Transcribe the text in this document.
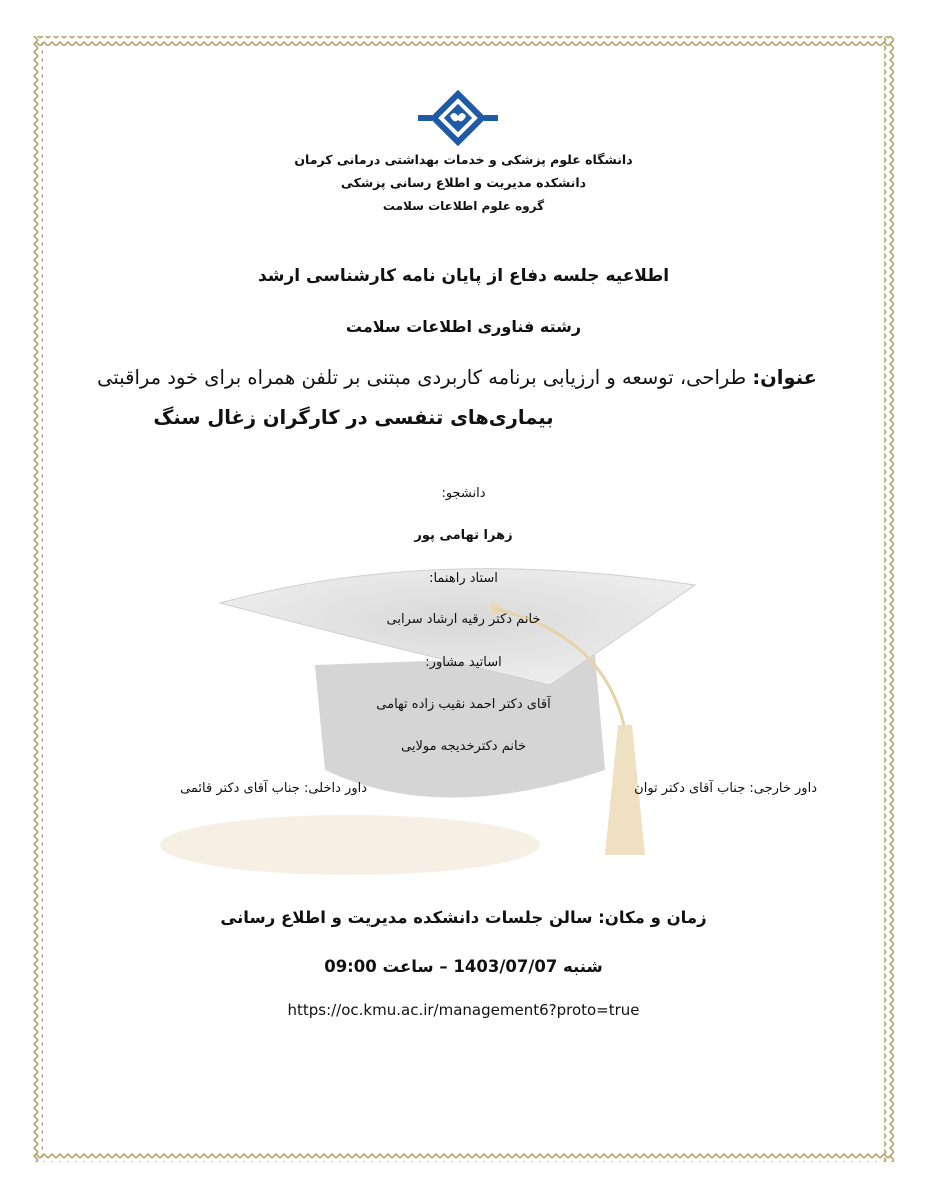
دانشگاه علوم پزشکی و خدمات بهداشتی درمانی کرمان
دانشکده مدیریت و اطلاع رسانی پزشکی
گروه علوم اطلاعات سلامت
اطلاعیه جلسه دفاع از پایان نامه کارشناسی ارشد
رشته فناوری اطلاعات سلامت
عنوان: طراحی، توسعه و ارزیابی برنامه کاربردی مبتنی بر تلفن همراه برای خود مراقبتی
بیماری‌های تنفسی در کارگران زغال سنگ
دانشجو:
زهرا تهامی پور
استاد راهنما:
خانم دکتر رقیه ارشاد سرابی
اساتید مشاور:
آقای دکتر احمد نقیب زاده تهامی
خانم دکترخدیجه مولایی
داور خارجی: جناب آقای دکتر توان
داور داخلی: جناب آقای دکتر قائمی
زمان و مکان: سالن جلسات دانشکده مدیریت و اطلاع رسانی
شنبه 1403/07/07 – ساعت 09:00
https://oc.kmu.ac.ir/management6?proto=true
